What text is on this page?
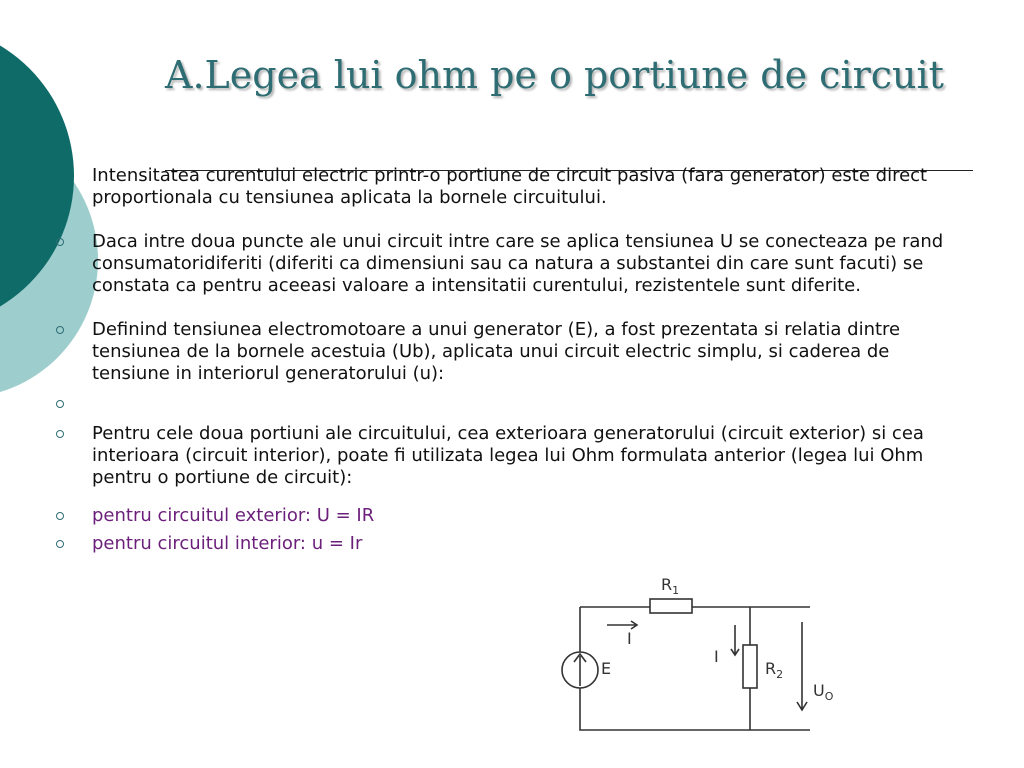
A.Legea lui ohm pe o portiune de circuit
Intensitatea curentului electric printr-o portiune de circuit pasiva (fara generator) este direct proportionala cu tensiunea aplicata la bornele circuitului.
Daca intre doua puncte ale unui circuit intre care se aplica tensiunea U se conecteaza pe rand consumatoridiferiti (diferiti ca dimensiuni sau ca natura a substantei din care sunt facuti) se constata ca pentru aceeasi valoare a intensitatii curentului, rezistentele sunt diferite.
Definind tensiunea electromotoare a unui generator (E), a fost prezentata si relatia dintre tensiunea de la bornele acestuia (Ub), aplicata unui circuit electric simplu, si caderea de tensiune in interiorul generatorului (u):
Pentru cele doua portiuni ale circuitului, cea exterioara generatorului (circuit exterior) si cea interioara (circuit interior), poate fi utilizata legea lui Ohm formulata anterior (legea lui Ohm pentru o portiune de circuit):
pentru circuitul exterior: U = IR
pentru circuitul interior: u = Ir
$R_1$
I
E
I
$R_2$
$U_O$
